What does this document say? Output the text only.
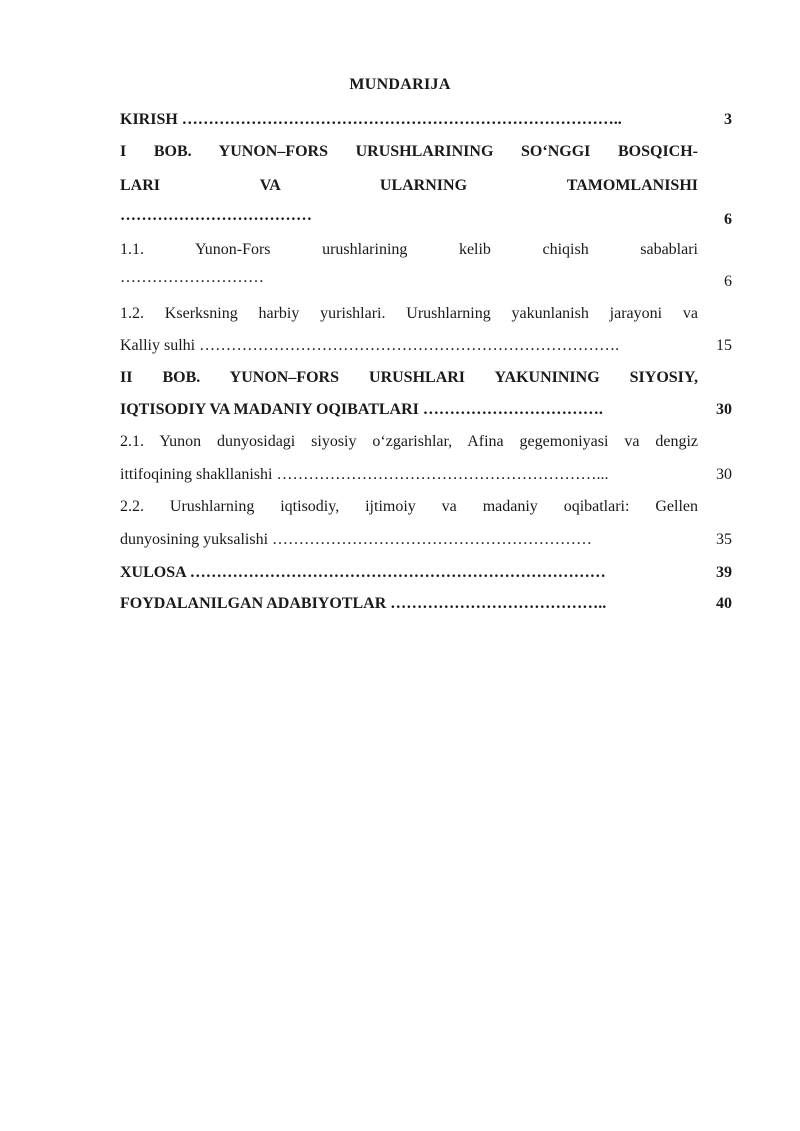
MUNDARIJA
KIRISH ………………………………………………………………………..	3
I BOB. YUNON–FORS URUSHLARINING SO‘NGGI BOSQICH-
LARI VA ULARNING TAMOMLANISHI
………………………………	6
1.1. Yunon-Fors urushlarining kelib chiqish sabablari
………………………	6
1.2. Kserksning harbiy yurishlari. Urushlarning yakunlanish jarayoni va
Kalliy sulhi …………………………………………………………………….	15
II BOB. YUNON–FORS URUSHLARI YAKUNINING SIYOSIY,
IQTISODIY VA MADANIY OQIBATLARI …………………………….	30
2.1. Yunon dunyosidagi siyosiy o‘zgarishlar, Afina gegemoniyasi va dengiz
ittifoqining shakllanishi ……………………………………………………...	30
2.2. Urushlarning iqtisodiy, ijtimoiy va madaniy oqibatlari: Gellen
dunyosining yuksalishi ……………………………………………………	35
XULOSA ……………………………………………………………………	39
FOYDALANILGAN ADABIYOTLAR …………………………………..	40
